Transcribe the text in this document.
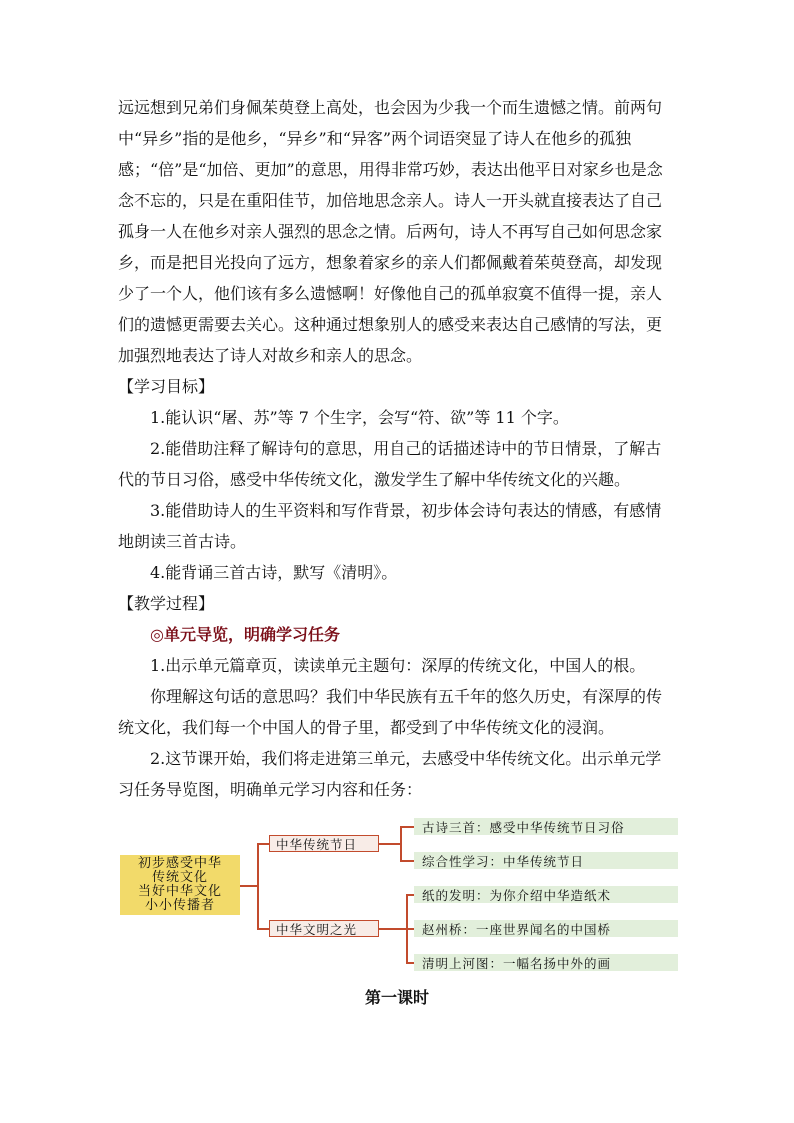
远远想到兄弟们身佩茱萸登上高处，也会因为少我一个而生遗憾之情。前两句中“异乡”指的是他乡，“异乡”和“异客”两个词语突显了诗人在他乡的孤独感；“倍”是“加倍、更加”的意思，用得非常巧妙，表达出他平日对家乡也是念念不忘的，只是在重阳佳节，加倍地思念亲人。诗人一开头就直接表达了自己孤身一人在他乡对亲人强烈的思念之情。后两句，诗人不再写自己如何思念家乡，而是把目光投向了远方，想象着家乡的亲人们都佩戴着茱萸登高，却发现少了一个人，他们该有多么遗憾啊！好像他自己的孤单寂寞不值得一提，亲人们的遗憾更需要去关心。这种通过想象别人的感受来表达自己感情的写法，更加强烈地表达了诗人对故乡和亲人的思念。

【学习目标】

1.能认识“屠、苏”等 7 个生字，会写“符、欲”等 11 个字。

2.能借助注释了解诗句的意思，用自己的话描述诗中的节日情景，了解古代的节日习俗，感受中华传统文化，激发学生了解中华传统文化的兴趣。

3.能借助诗人的生平资料和写作背景，初步体会诗句表达的情感，有感情地朗读三首古诗。

4.能背诵三首古诗，默写《清明》。

【教学过程】

◎单元导览，明确学习任务

1.出示单元篇章页，读读单元主题句：深厚的传统文化，中国人的根。

你理解这句话的意思吗？我们中华民族有五千年的悠久历史，有深厚的传统文化，我们每一个中国人的骨子里，都受到了中华传统文化的浸润。

2.这节课开始，我们将走进第三单元，去感受中华传统文化。出示单元学习任务导览图，明确单元学习内容和任务：

初步感受中华
传统文化
当好中华文化
小小传播者
中华传统节日
中华文明之光
古诗三首：感受中华传统节日习俗
综合性学习：中华传统节日
纸的发明：为你介绍中华造纸术
赵州桥：一座世界闻名的中国桥
清明上河图：一幅名扬中外的画
第一课时
